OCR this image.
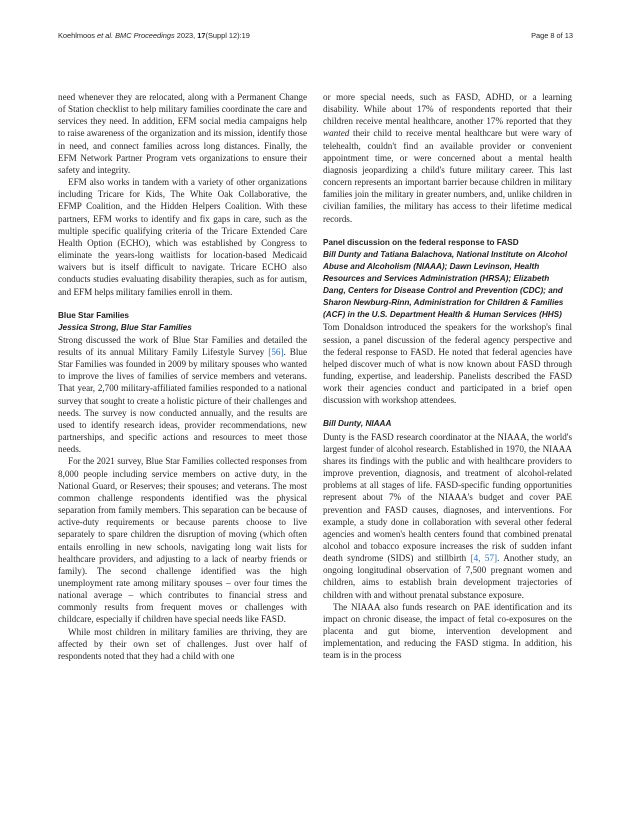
Koehlmoos et al. BMC Proceedings 2023, 17(Suppl 12):19	Page 8 of 13

need whenever they are relocated, along with a Permanent Change of Station checklist to help military families coordinate the care and services they need. In addition, EFM social media campaigns help to raise awareness of the organization and its mission, identify those in need, and connect families across long distances. Finally, the EFM Network Partner Program vets organizations to ensure their safety and integrity.

EFM also works in tandem with a variety of other organizations including Tricare for Kids, The White Oak Collaborative, the EFMP Coalition, and the Hidden Helpers Coalition. With these partners, EFM works to identify and fix gaps in care, such as the multiple specific qualifying criteria of the Tricare Extended Care Health Option (ECHO), which was established by Congress to eliminate the years-long waitlists for location-based Medicaid waivers but is itself difficult to navigate. Tricare ECHO also conducts studies evaluating disability therapies, such as for autism, and EFM helps military families enroll in them.

Blue Star Families
Jessica Strong, Blue Star Families

Strong discussed the work of Blue Star Families and detailed the results of its annual Military Family Lifestyle Survey [56]. Blue Star Families was founded in 2009 by military spouses who wanted to improve the lives of families of service members and veterans. That year, 2,700 military-affiliated families responded to a national survey that sought to create a holistic picture of their challenges and needs. The survey is now conducted annually, and the results are used to identify research ideas, provider recommendations, new partnerships, and specific actions and resources to meet those needs.

For the 2021 survey, Blue Star Families collected responses from 8,000 people including service members on active duty, in the National Guard, or Reserves; their spouses; and veterans. The most common challenge respondents identified was the physical separation from family members. This separation can be because of active-duty requirements or because parents choose to live separately to spare children the disruption of moving (which often entails enrolling in new schools, navigating long wait lists for healthcare providers, and adjusting to a lack of nearby friends or family). The second challenge identified was the high unemployment rate among military spouses – over four times the national average – which contributes to financial stress and commonly results from frequent moves or challenges with childcare, especially if children have special needs like FASD.

While most children in military families are thriving, they are affected by their own set of challenges. Just over half of respondents noted that they had a child with one

or more special needs, such as FASD, ADHD, or a learning disability. While about 17% of respondents reported that their children receive mental healthcare, another 17% reported that they wanted their child to receive mental healthcare but were wary of telehealth, couldn't find an available provider or convenient appointment time, or were concerned about a mental health diagnosis jeopardizing a child's future military career. This last concern represents an important barrier because children in military families join the military in greater numbers, and, unlike children in civilian families, the military has access to their lifetime medical records.

Panel discussion on the federal response to FASD
Bill Dunty and Tatiana Balachova, National Institute on Alcohol Abuse and Alcoholism (NIAAA); Dawn Levinson, Health Resources and Services Administration (HRSA); Elizabeth Dang, Centers for Disease Control and Prevention (CDC); and Sharon Newburg-Rinn, Administration for Children & Families (ACF) in the U.S. Department Health & Human Services (HHS)

Tom Donaldson introduced the speakers for the workshop's final session, a panel discussion of the federal agency perspective and the federal response to FASD. He noted that federal agencies have helped discover much of what is now known about FASD through funding, expertise, and leadership. Panelists described the FASD work their agencies conduct and participated in a brief open discussion with workshop attendees.

Bill Dunty, NIAAA

Dunty is the FASD research coordinator at the NIAAA, the world's largest funder of alcohol research. Established in 1970, the NIAAA shares its findings with the public and with healthcare providers to improve prevention, diagnosis, and treatment of alcohol-related problems at all stages of life. FASD-specific funding opportunities represent about 7% of the NIAAA's budget and cover PAE prevention and FASD causes, diagnoses, and interventions. For example, a study done in collaboration with several other federal agencies and women's health centers found that combined prenatal alcohol and tobacco exposure increases the risk of sudden infant death syndrome (SIDS) and stillbirth [4, 57]. Another study, an ongoing longitudinal observation of 7,500 pregnant women and children, aims to establish brain development trajectories of children with and without prenatal substance exposure.

The NIAAA also funds research on PAE identification and its impact on chronic disease, the impact of fetal co-exposures on the placenta and gut biome, intervention development and implementation, and reducing the FASD stigma. In addition, his team is in the process
